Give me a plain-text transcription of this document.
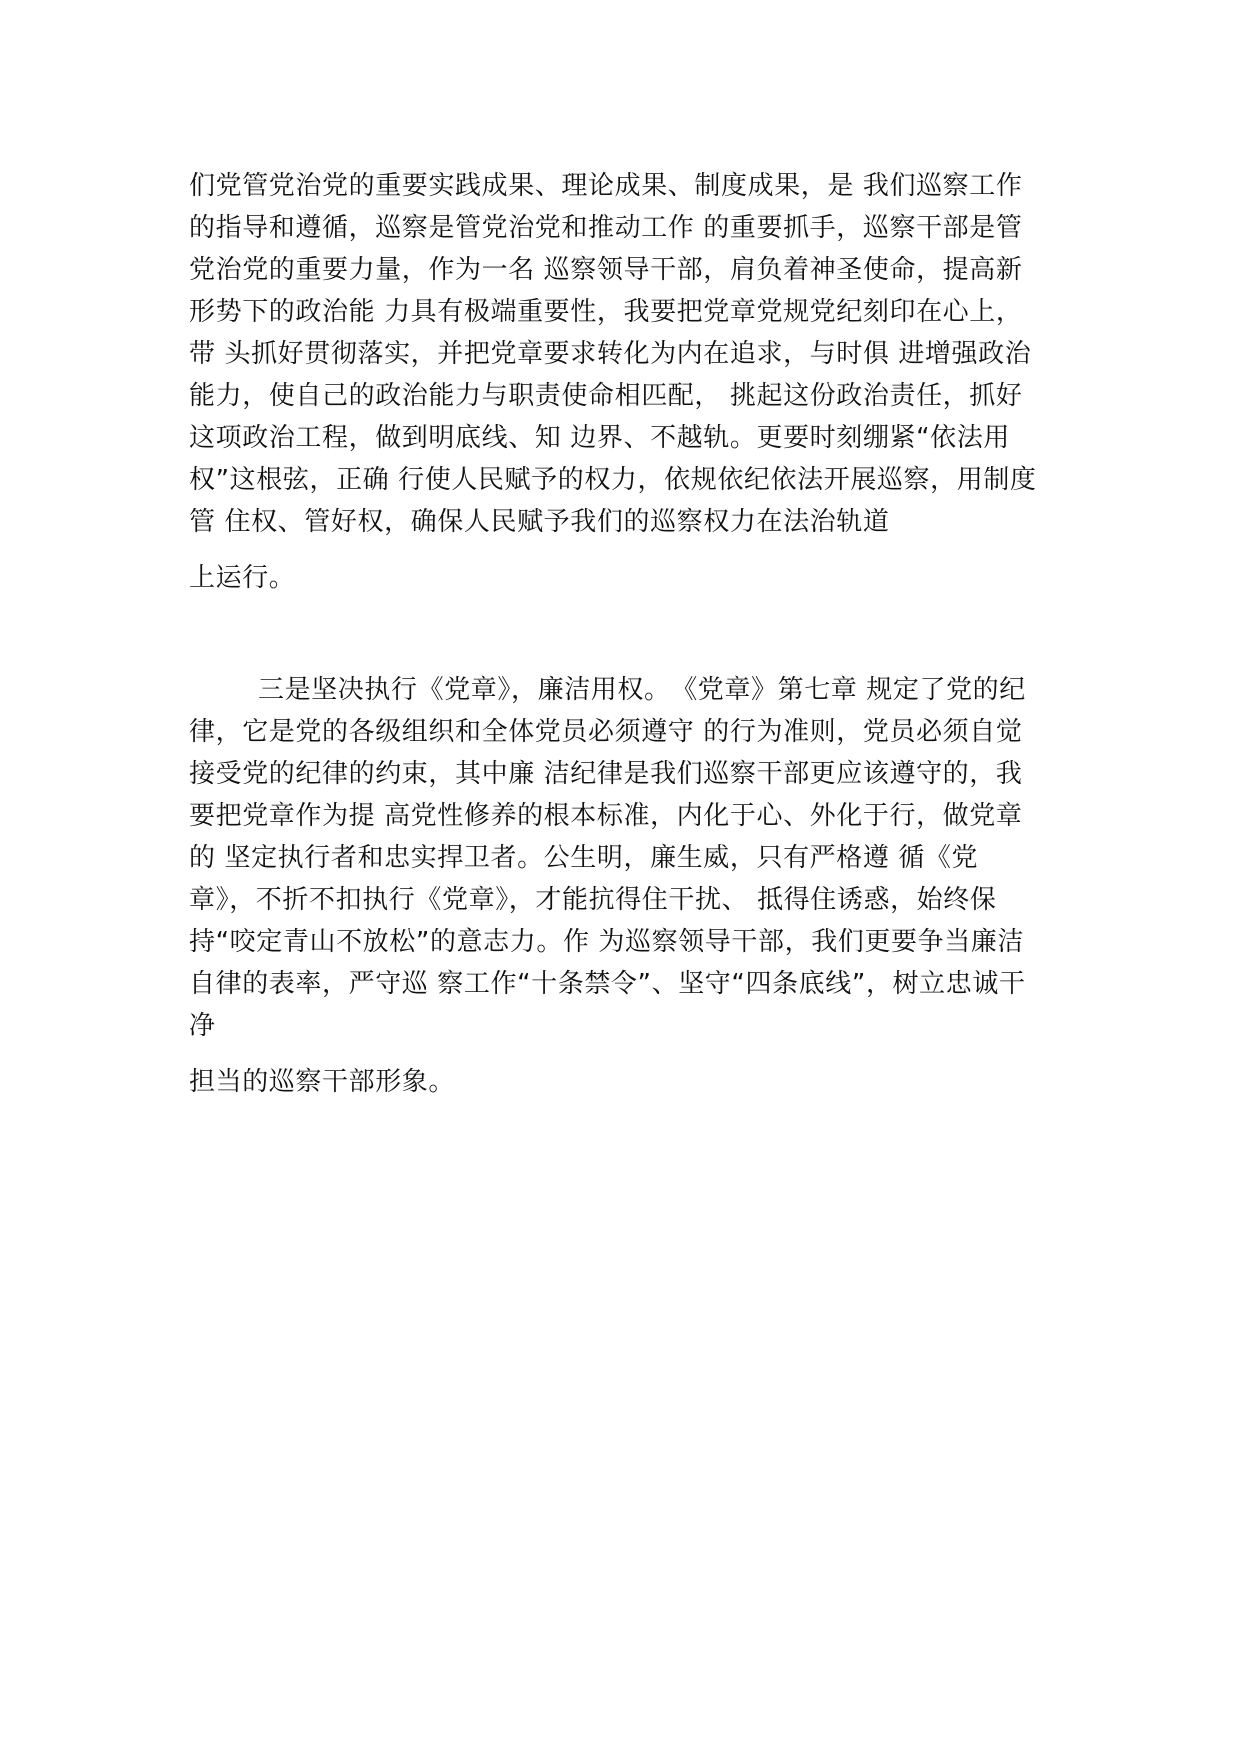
们党管党治党的重要实践成果、理论成果、制度成果，是 我们巡察工作
的指导和遵循，巡察是管党治党和推动工作 的重要抓手，巡察干部是管
党治党的重要力量，作为一名 巡察领导干部，肩负着神圣使命，提高新
形势下的政治能 力具有极端重要性，我要把党章党规党纪刻印在心上，
带 头抓好贯彻落实，并把党章要求转化为内在追求，与时俱 进增强政治
能力，使自己的政治能力与职责使命相匹配， 挑起这份政治责任，抓好
这项政治工程，做到明底线、知 边界、不越轨。更要时刻绷紧“依法用
权”这根弦，正确 行使人民赋予的权力，依规依纪依法开展巡察，用制度
管 住权、管好权，确保人民赋予我们的巡察权力在法治轨道
上运行。
三是坚决执行《党章》，廉洁用权。　《党章》第七章 规定了党的纪
律，它是党的各级组织和全体党员必须遵守 的行为准则，党员必须自觉
接受党的纪律的约束，其中廉 洁纪律是我们巡察干部更应该遵守的，我
要把党章作为提 高党性修养的根本标准，内化于心、外化于行，做党章
的 坚定执行者和忠实捍卫者。公生明，廉生威，只有严格遵 循《党
章》，不折不扣执行《党章》，才能抗得住干扰、 抵得住诱惑，始终保
持“咬定青山不放松”的意志力。作 为巡察领导干部，我们更要争当廉洁
自律的表率，严守巡 察工作“十条禁令”、坚守“四条底线”，树立忠诚干
净
担当的巡察干部形象。
